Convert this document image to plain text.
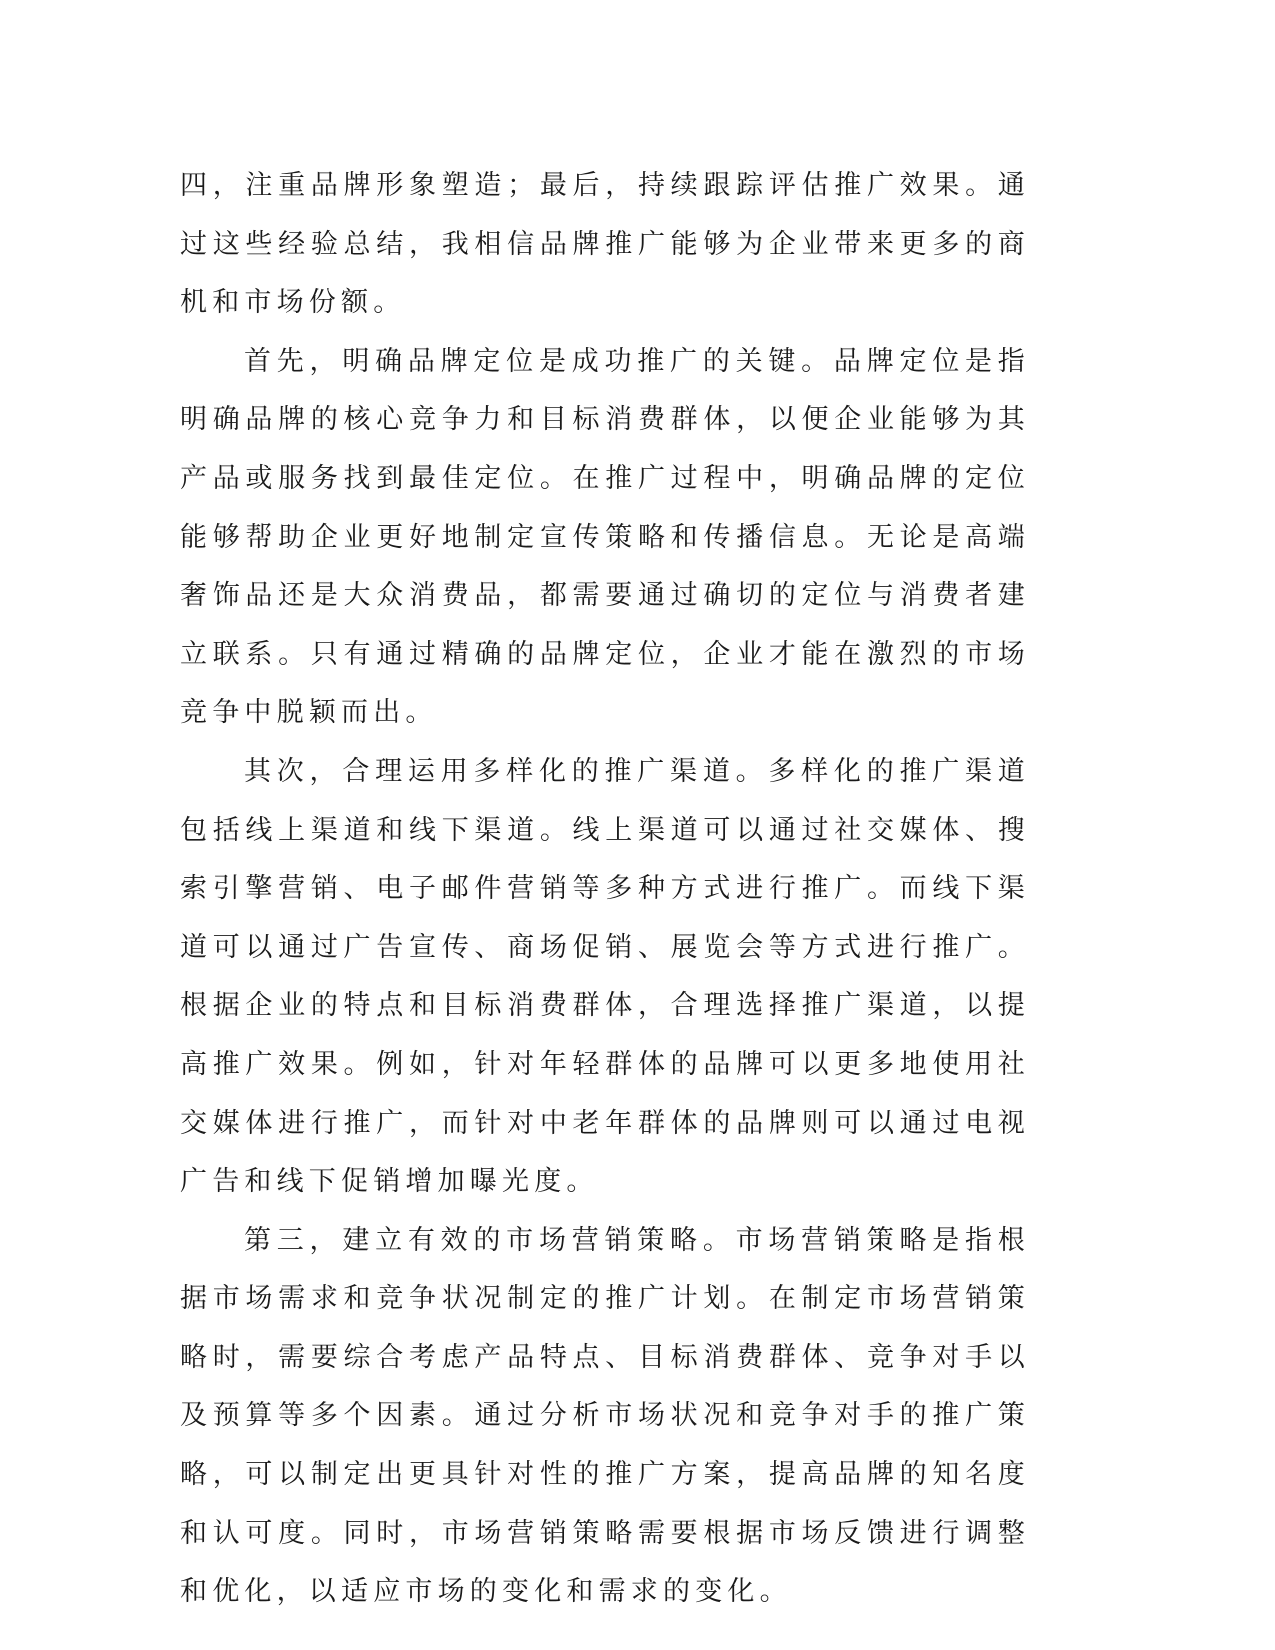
四，注重品牌形象塑造；最后，持续跟踪评估推广效果。通过这些经验总结，我相信品牌推广能够为企业带来更多的商机和市场份额。

首先，明确品牌定位是成功推广的关键。品牌定位是指明确品牌的核心竞争力和目标消费群体，以便企业能够为其产品或服务找到最佳定位。在推广过程中，明确品牌的定位能够帮助企业更好地制定宣传策略和传播信息。无论是高端奢饰品还是大众消费品，都需要通过确切的定位与消费者建立联系。只有通过精确的品牌定位，企业才能在激烈的市场竞争中脱颖而出。

其次，合理运用多样化的推广渠道。多样化的推广渠道包括线上渠道和线下渠道。线上渠道可以通过社交媒体、搜索引擎营销、电子邮件营销等多种方式进行推广。而线下渠道可以通过广告宣传、商场促销、展览会等方式进行推广。根据企业的特点和目标消费群体，合理选择推广渠道，以提高推广效果。例如，针对年轻群体的品牌可以更多地使用社交媒体进行推广，而针对中老年群体的品牌则可以通过电视广告和线下促销增加曝光度。

第三，建立有效的市场营销策略。市场营销策略是指根据市场需求和竞争状况制定的推广计划。在制定市场营销策略时，需要综合考虑产品特点、目标消费群体、竞争对手以及预算等多个因素。通过分析市场状况和竞争对手的推广策略，可以制定出更具针对性的推广方案，提高品牌的知名度和认可度。同时，市场营销策略需要根据市场反馈进行调整和优化，以适应市场的变化和需求的变化。
